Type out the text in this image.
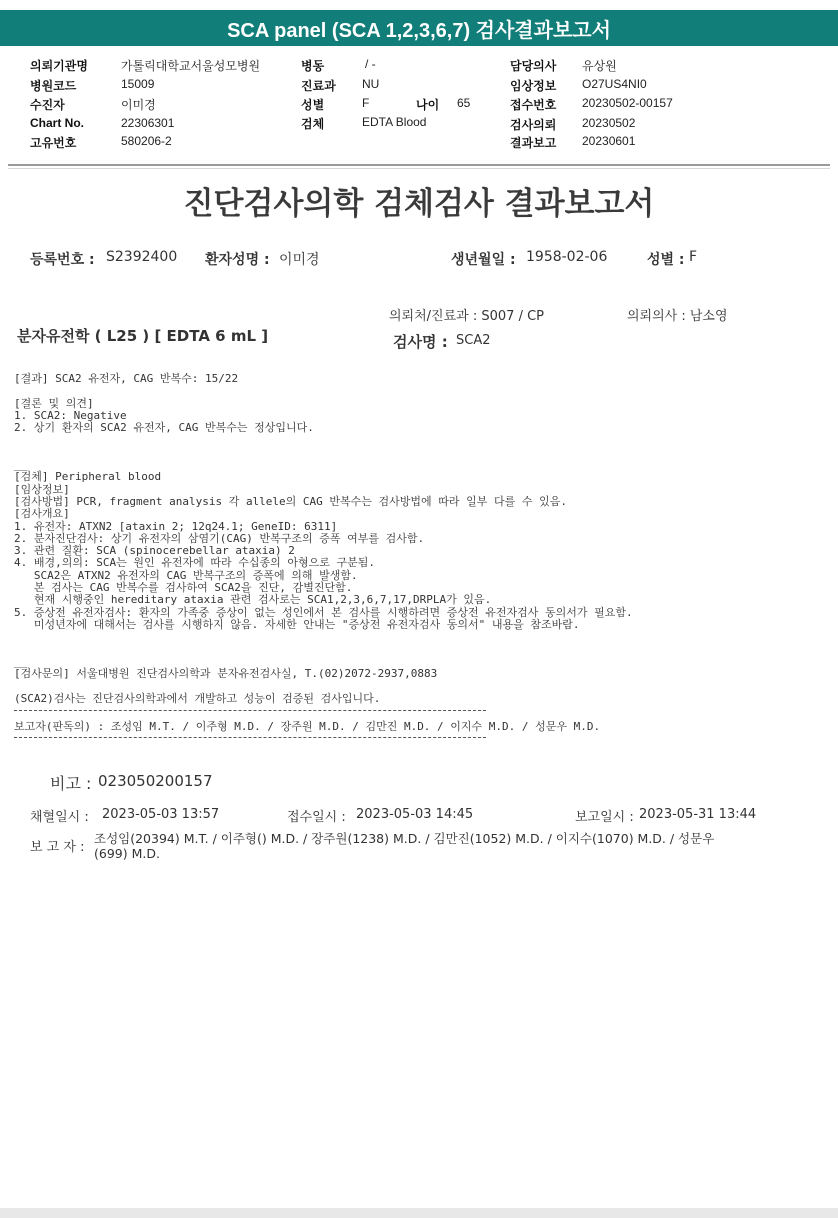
SCA panel (SCA 1,2,3,6,7) 검사결과보고서
의뢰기관명	가톨릭대학교서울성모병원
병원코드	15009
수진자	이미경
Chart No.	22306301
고유번호	580206-2
병동	/ -
진료과 NU
성별	F	나이 65
검체	EDTA Blood
담당의사 유상원
임상정보 O27US4NI0
접수번호 20230502-00157
검사의뢰 20230502
결과보고 20230601
진단검사의학 검체검사 결과보고서
등록번호 : S2392400 환자성명 : 이미경	생년월일 : 1958-02-06	성별 : F
의뢰처/진료과 : S007 / CP	의뢰의사 : 남소영
분자유전학 ( L25 ) [ EDTA 6 mL ]	검사명 : SCA2
[결과] SCA2 유전자, CAG 반복수: 15/22

[결론 및 의견]
1. SCA2: Negative
2. 상기 환자의 SCA2 유전자, CAG 반복수는 정상입니다.

__
[검체] Peripheral blood
[임상정보]
[검사방법] PCR, fragment analysis 각 allele의 CAG 반복수는 검사방법에 따라 일부 다를 수 있음.
[검사개요]
1. 유전자: ATXN2 [ataxin 2; 12q24.1; GeneID: 6311]
2. 분자진단검사: 상기 유전자의 삼염기(CAG) 반복구조의 증폭 여부를 검사함.
3. 관련 질환: SCA (spinocerebellar ataxia) 2
4. 배경,의의: SCA는 원인 유전자에 따라 수십종의 아형으로 구분됨.
SCA2은 ATXN2 유전자의 CAG 반복구조의 증폭에 의해 발생함.
본 검사는 CAG 반복수를 검사하여 SCA2을 진단, 감별진단함.
현재 시행중인 hereditary ataxia 관련 검사로는 SCA1,2,3,6,7,17,DRPLA가 있음.
5. 증상전 유전자검사: 환자의 가족중 증상이 없는 성인에서 본 검사를 시행하려면 증상전 유전자검사 동의서가 필요함.
미성년자에 대해서는 검사를 시행하지 않음. 자세한 안내는 "증상전 유전자검사 동의서" 내용을 참조바람.

__
[검사문의] 서울대병원 진단검사의학과 분자유전검사실, T.(02)2072-2937,0883

(SCA2)검사는 진단검사의학과에서 개발하고 성능이 검증된 검사입니다.
보고자(판독의) : 조성임 M.T. / 이주형 M.D. / 장주원 M.D. / 김만진 M.D. / 이지수 M.D. / 성문우 M.D.
비고 : 023050200157
채혈일시 : 2023-05-03 13:57	접수일시 : 2023-05-03 14:45	보고일시 : 2023-05-31 13:44
보 고 자 :
조성임(20394) M.T. / 이주형() M.D. / 장주원(1238) M.D. / 김만진(1052) M.D. / 이지수(1070) M.D. / 성문우
(699) M.D.
